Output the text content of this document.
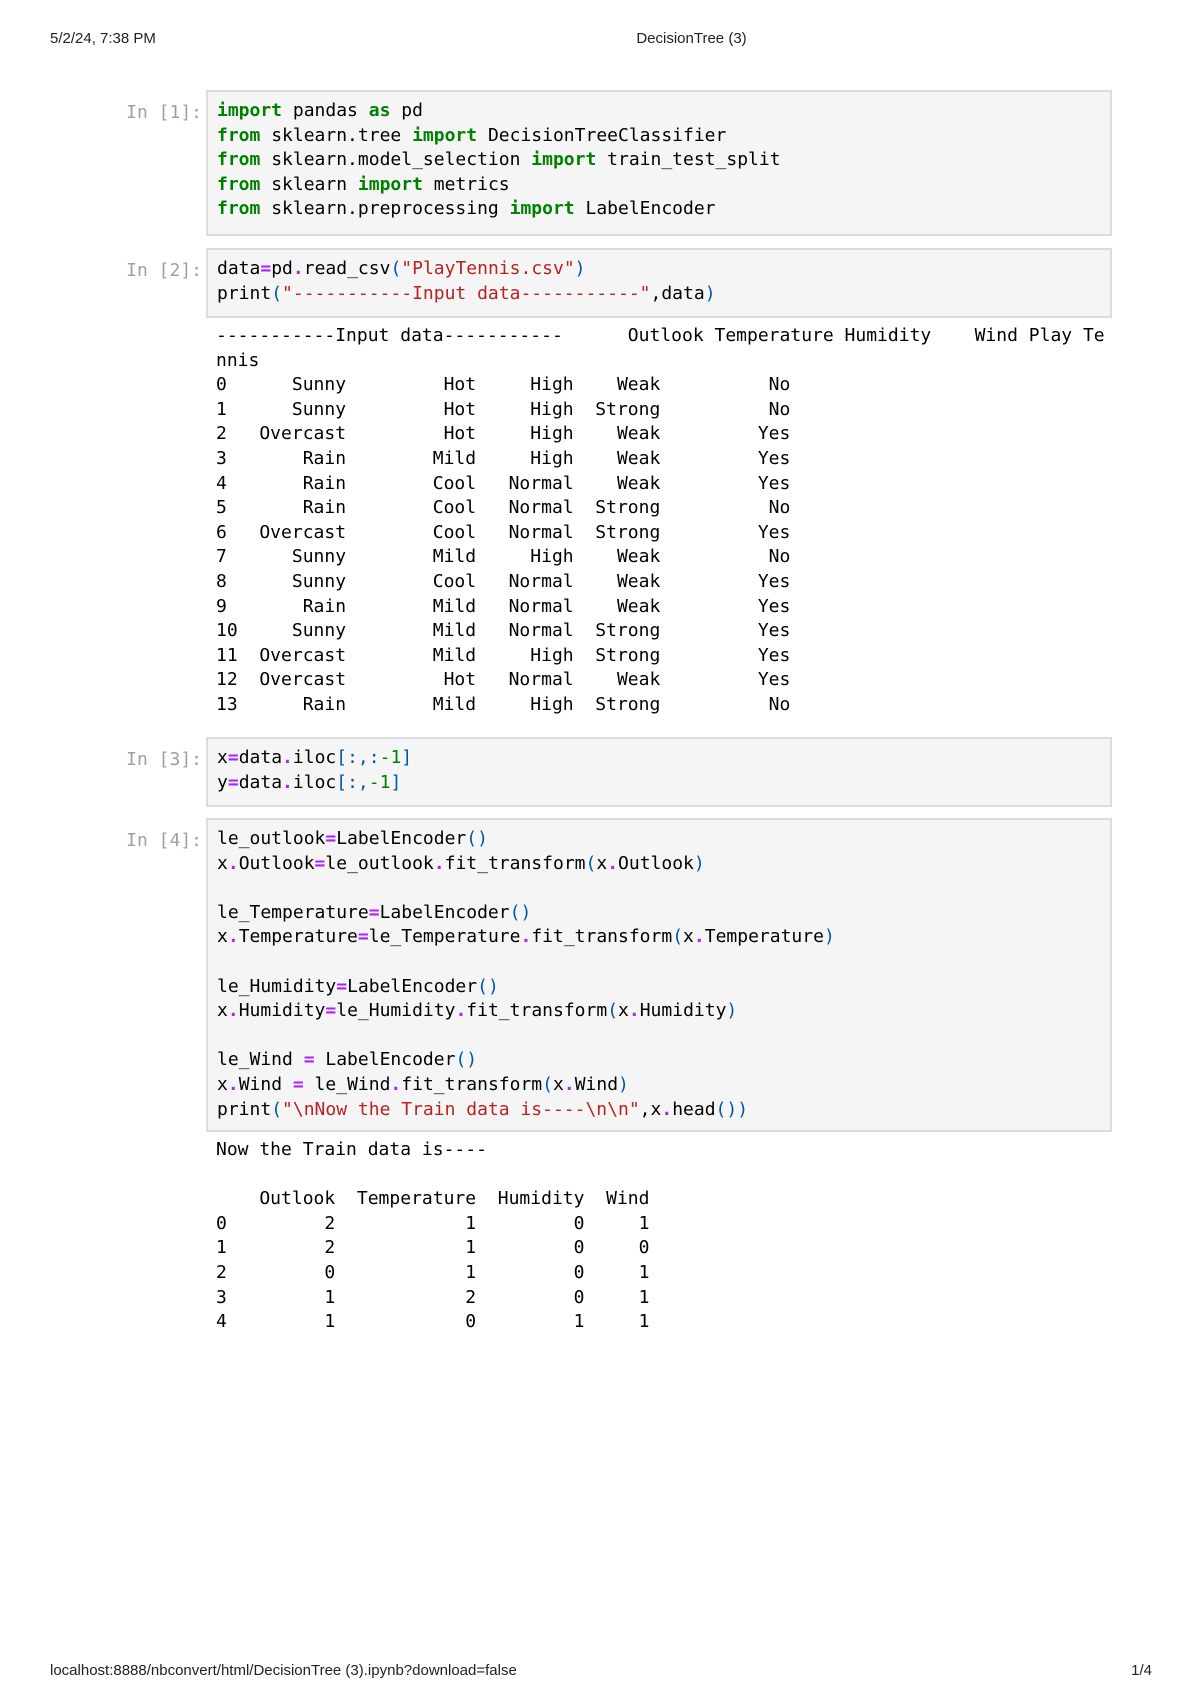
5/2/24, 7:38 PM	DecisionTree (3)
In [1]: import pandas as pd
from sklearn.tree import DecisionTreeClassifier
from sklearn.model_selection import train_test_split
from sklearn import metrics
from sklearn.preprocessing import LabelEncoder
In [2]: data=pd.read_csv("PlayTennis.csv")
print("-----------Input data-----------",data)
-----------Input data-----------      Outlook Temperature Humidity    Wind Play Te
nnis
0      Sunny         Hot     High    Weak          No
1      Sunny         Hot     High  Strong          No
2   Overcast         Hot     High    Weak         Yes
3       Rain        Mild     High    Weak         Yes
4       Rain        Cool   Normal    Weak         Yes
5       Rain        Cool   Normal  Strong          No
6   Overcast        Cool   Normal  Strong         Yes
7      Sunny        Mild     High    Weak          No
8      Sunny        Cool   Normal    Weak         Yes
9       Rain        Mild   Normal    Weak         Yes
10     Sunny        Mild   Normal  Strong         Yes
11  Overcast        Mild     High  Strong         Yes
12  Overcast         Hot   Normal    Weak         Yes
13      Rain        Mild     High  Strong          No
In [3]: x=data.iloc[:,:-1]
y=data.iloc[:,-1]
In [4]: le_outlook=LabelEncoder()
x.Outlook=le_outlook.fit_transform(x.Outlook)

le_Temperature=LabelEncoder()
x.Temperature=le_Temperature.fit_transform(x.Temperature)

le_Humidity=LabelEncoder()
x.Humidity=le_Humidity.fit_transform(x.Humidity)

le_Wind = LabelEncoder()
x.Wind = le_Wind.fit_transform(x.Wind)
print("\nNow the Train data is----\n\n",x.head())
Now the Train data is----

Outlook  Temperature  Humidity  Wind
0         2            1         0     1
1         2            1         0     0
2         0            1         0     1
3         1            2         0     1
4         1            0         1     1
localhost:8888/nbconvert/html/DecisionTree (3).ipynb?download=false	1/4
